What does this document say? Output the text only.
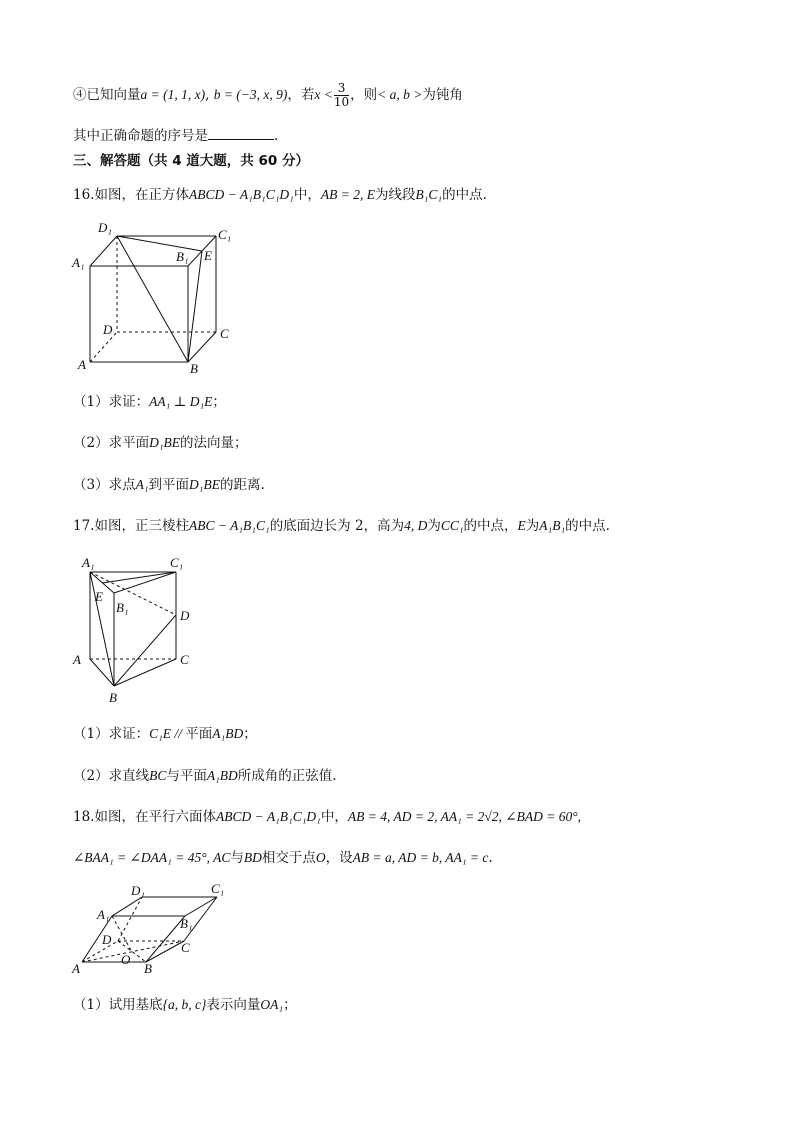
④已知向量a = (1, 1, x), b = (−3, x, 9)，若$x < \frac{3}{10}$ ，则< a, b >为钝角
其中正确命题的序号是	.
三、解答题（共 4 道大题，共 60 分）
16.如图，在正方体ABCD − A₁B₁C₁D₁中，AB = 2, E为线段B₁C₁的中点.
D₁	C₁
A₁	B₁ E
D	C
A	B
（1）求证：AA₁ ⊥ D₁E；
（2）求平面D₁BE的法向量；
（3）求点A₁到平面D₁BE的距离.
17.如图，正三棱柱ABC − A₁B₁C₁的底面边长为 2，高为4, D为CC₁的中点，E为A₁B₁的中点.
A₁	C₁
E
B₁
D
A	C
B
（1）求证：C₁E // 平面A₁BD；
（2）求直线BC与平面A₁BD所成角的正弦值.
18.如图，在平行六面体ABCD − A₁B₁C₁D₁中，AB = 4, AD = 2, AA₁ = 2√2, ∠BAD = 60°,
∠BAA₁ = ∠DAA₁ = 45°, AC与BD相交于点O，设AB = a, AD = b, AA₁ = c.
D₁	C₁
A₁
B₁
D
C
O
A	B
（1）试用基底{a, b, c}表示向量OA₁；
